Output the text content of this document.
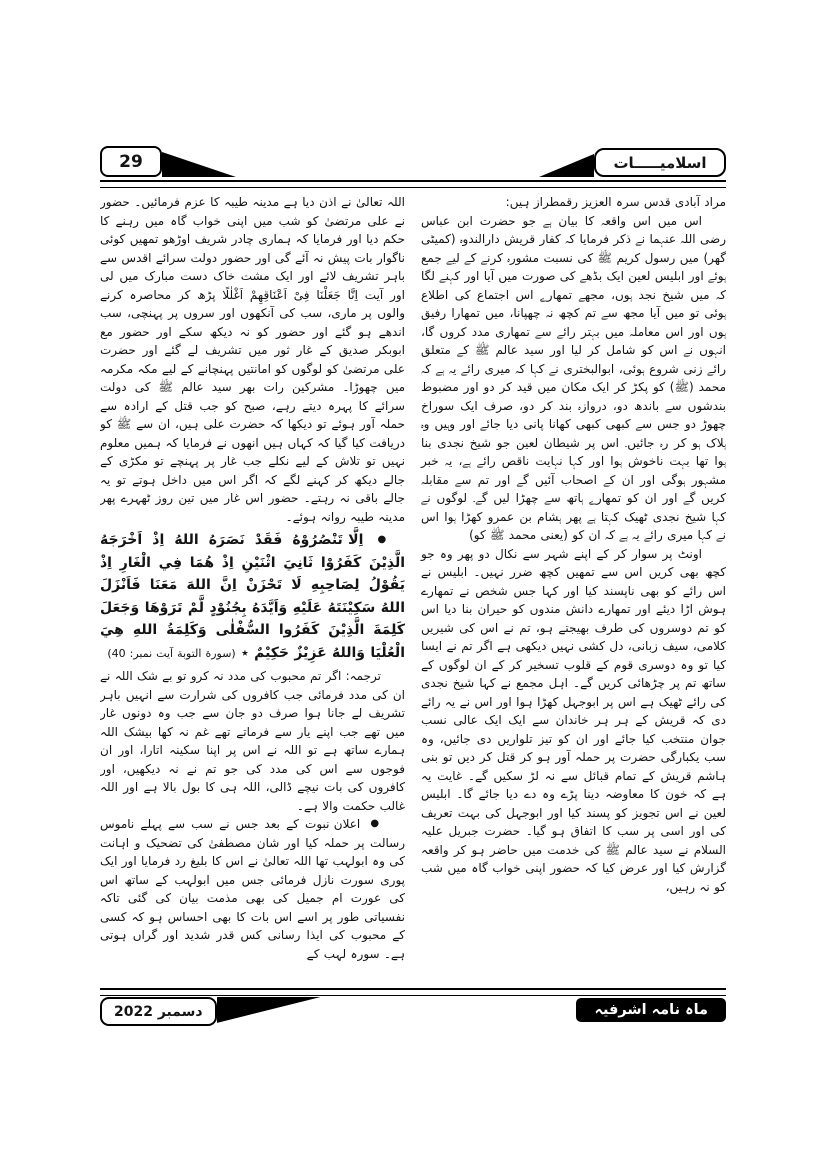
29	اسلامیـــــات

مراد آبادی قدس سرہ العزیز رقمطراز ہیں:

اس میں اس واقعہ کا بیان ہے جو حضرت ابن عباس رضی اللہ عنہما نے ذکر فرمایا کہ کفار قریش دارالندوہ (کمیٹی گھر) میں رسول کریم ﷺ کی نسبت مشورہ کرنے کے لیے جمع ہوئے اور ابلیس لعین ایک بڈھے کی صورت میں آیا اور کہنے لگا کہ میں شیخ نجد ہوں، مجھے تمھارے اس اجتماع کی اطلاع ہوئی تو میں آیا مجھ سے تم کچھ نہ چھپانا، میں تمھارا رفیق ہوں اور اس معاملہ میں بہتر رائے سے تمھاری مدد کروں گا، انہوں نے اس کو شامل کر لیا اور سید عالم ﷺ کے متعلق رائے زنی شروع ہوئی، ابوالبختری نے کہا کہ میری رائے یہ ہے کہ محمد (ﷺ) کو پکڑ کر ایک مکان میں قید کر دو اور مضبوط بندشوں سے باندھ دو، دروازہ بند کر دو، صرف ایک سوراخ چھوڑ دو جس سے کبھی کبھی کھانا پانی دیا جائے اور وہیں وہ ہلاک ہو کر رہ جائیں۔ اس پر شیطان لعین جو شیخ نجدی بنا ہوا تھا بہت ناخوش ہوا اور کہا نہایت ناقص رائے ہے، یہ خبر مشہور ہوگی اور ان کے اصحاب آئیں گے اور تم سے مقابلہ کریں گے اور ان کو تمھارے ہاتھ سے چھڑا لیں گے۔ لوگوں نے کہا شیخ نجدی ٹھیک کہتا ہے پھر ہشام بن عمرو کھڑا ہوا اس نے کہا میری رائے یہ ہے کہ ان کو (یعنی محمد ﷺ کو)

اونٹ پر سوار کر کے اپنے شہر سے نکال دو پھر وہ جو کچھ بھی کریں اس سے تمھیں کچھ ضرر نہیں۔ ابلیس نے اس رائے کو بھی ناپسند کیا اور کہا جس شخص نے تمھارے ہوش اڑا دیئے اور تمھارے دانش مندوں کو حیران بنا دیا اس کو تم دوسروں کی طرف بھیجتے ہو، تم نے اس کی شیریں کلامی، سیف زبانی، دل کشی نہیں دیکھی ہے اگر تم نے ایسا کیا تو وہ دوسری قوم کے قلوب تسخیر کر کے ان لوگوں کے ساتھ تم پر چڑھائی کریں گے۔ اہل مجمع نے کہا شیخ نجدی کی رائے ٹھیک ہے اس پر ابوجہل کھڑا ہوا اور اس نے یہ رائے دی کہ قریش کے ہر ہر خاندان سے ایک ایک عالی نسب جوان منتخب کیا جائے اور ان کو تیز تلواریں دی جائیں، وہ سب یکبارگی حضرت پر حملہ آور ہو کر قتل کر دیں تو بنی ہاشم قریش کے تمام قبائل سے نہ لڑ سکیں گے۔ غایت یہ ہے کہ خون کا معاوضہ دینا پڑے وہ دے دیا جائے گا۔ ابلیس لعین نے اس تجویز کو پسند کیا اور ابوجہل کی بہت تعریف کی اور اسی پر سب کا اتفاق ہو گیا۔ حضرت جبریل علیہ السلام نے سید عالم ﷺ کی خدمت میں حاضر ہو کر واقعہ گزارش کیا اور عرض کیا کہ حضور اپنی خواب گاہ میں شب کو نہ رہیں،

اللہ تعالیٰ نے اذن دیا ہے مدینہ طیبہ کا عزم فرمائیں۔ حضور نے علی مرتضیٰ کو شب میں اپنی خواب گاہ میں رہنے کا حکم دیا اور فرمایا کہ ہماری چادر شریف اوڑھو تمھیں کوئی ناگوار بات پیش نہ آئے گی اور حضور دولت سرائے اقدس سے باہر تشریف لائے اور ایک مشت خاک دست مبارک میں لی اور آیت اِنَّا جَعَلْنَا فِیْ اَعْنَاقِهِمْ اَغْلٰلًا پڑھ کر محاصرہ کرنے والوں پر ماری، سب کی آنکھوں اور سروں پر پہنچی، سب اندھے ہو گئے اور حضور کو نہ دیکھ سکے اور حضور مع ابوبکر صدیق کے غار ثور میں تشریف لے گئے اور حضرت علی مرتضیٰ کو لوگوں کو امانتیں پہنچانے کے لیے مکہ مکرمہ میں چھوڑا۔ مشرکین رات بھر سید عالم ﷺ کی دولت سرائے کا پہرہ دیتے رہے، صبح کو جب قتل کے ارادہ سے حملہ آور ہوئے تو دیکھا کہ حضرت علی ہیں، ان سے ﷺ کو دریافت کیا گیا کہ کہاں ہیں انھوں نے فرمایا کہ ہمیں معلوم نہیں تو تلاش کے لیے نکلے جب غار پر پہنچے تو مکڑی کے جالے دیکھ کر کہنے لگے کہ اگر اس میں داخل ہوتے تو یہ جالے باقی نہ رہتے۔ حضور اس غار میں تین روز ٹھہرے پھر مدینہ طیبہ روانہ ہوئے۔

● اِلَّا تَنْصُرُوْهُ فَقَدْ نَصَرَهُ اللهُ اِذْ اَخْرَجَهُ الَّذِيْنَ كَفَرُوْا ثَانِيَ اثْنَيْنِ اِذْ هُمَا فِي الْغَارِ اِذْ يَقُوْلُ لِصَاحِبِهِ لَا تَحْزَنْ اِنَّ اللهَ مَعَنَا فَاَنْزَلَ اللهُ سَكِيْنَتَهُ عَلَيْهِ وَاَيَّدَهُ بِجُنُوْدٍ لَّمْ تَرَوْهَا وَجَعَلَ كَلِمَةَ الَّذِيْنَ كَفَرُوا السُّفْلٰى وَكَلِمَةُ اللهِ هِيَ الْعُلْيَا وَاللهُ عَزِيْزٌ حَكِيْمٌ ٭ (سورة التوبة آیت نمبر: 40)

ترجمہ: اگر تم محبوب کی مدد نہ کرو تو بے شک اللہ نے ان کی مدد فرمائی جب کافروں کی شرارت سے انہیں باہر تشریف لے جانا ہوا صرف دو جان سے جب وہ دونوں غار میں تھے جب اپنے یار سے فرماتے تھے غم نہ کھا بیشک اللہ ہمارے ساتھ ہے تو اللہ نے اس پر اپنا سکینہ اتارا، اور ان فوجوں سے اس کی مدد کی جو تم نے نہ دیکھیں، اور کافروں کی بات نیچے ڈالی، اللہ ہی کا بول بالا ہے اور اللہ غالب حکمت والا ہے۔

● اعلان نبوت کے بعد جس نے سب سے پہلے ناموس رسالت پر حملہ کیا اور شان مصطفیٰ کی تضحیک و اہانت کی وہ ابولہب تھا اللہ تعالیٰ نے اس کا بلیغ رد فرمایا اور ایک پوری سورت نازل فرمائی جس میں ابولہب کے ساتھ اس کی عورت ام جمیل کی بھی مذمت بیان کی گئی تاکہ نفسیاتی طور پر اسے اس بات کا بھی احساس ہو کہ کسی کے محبوب کی ایذا رسانی کس قدر شدید اور گراں ہوتی ہے۔ سورہ لہب کے

دسمبر 2022	ماہ نامہ اشرفیہ
